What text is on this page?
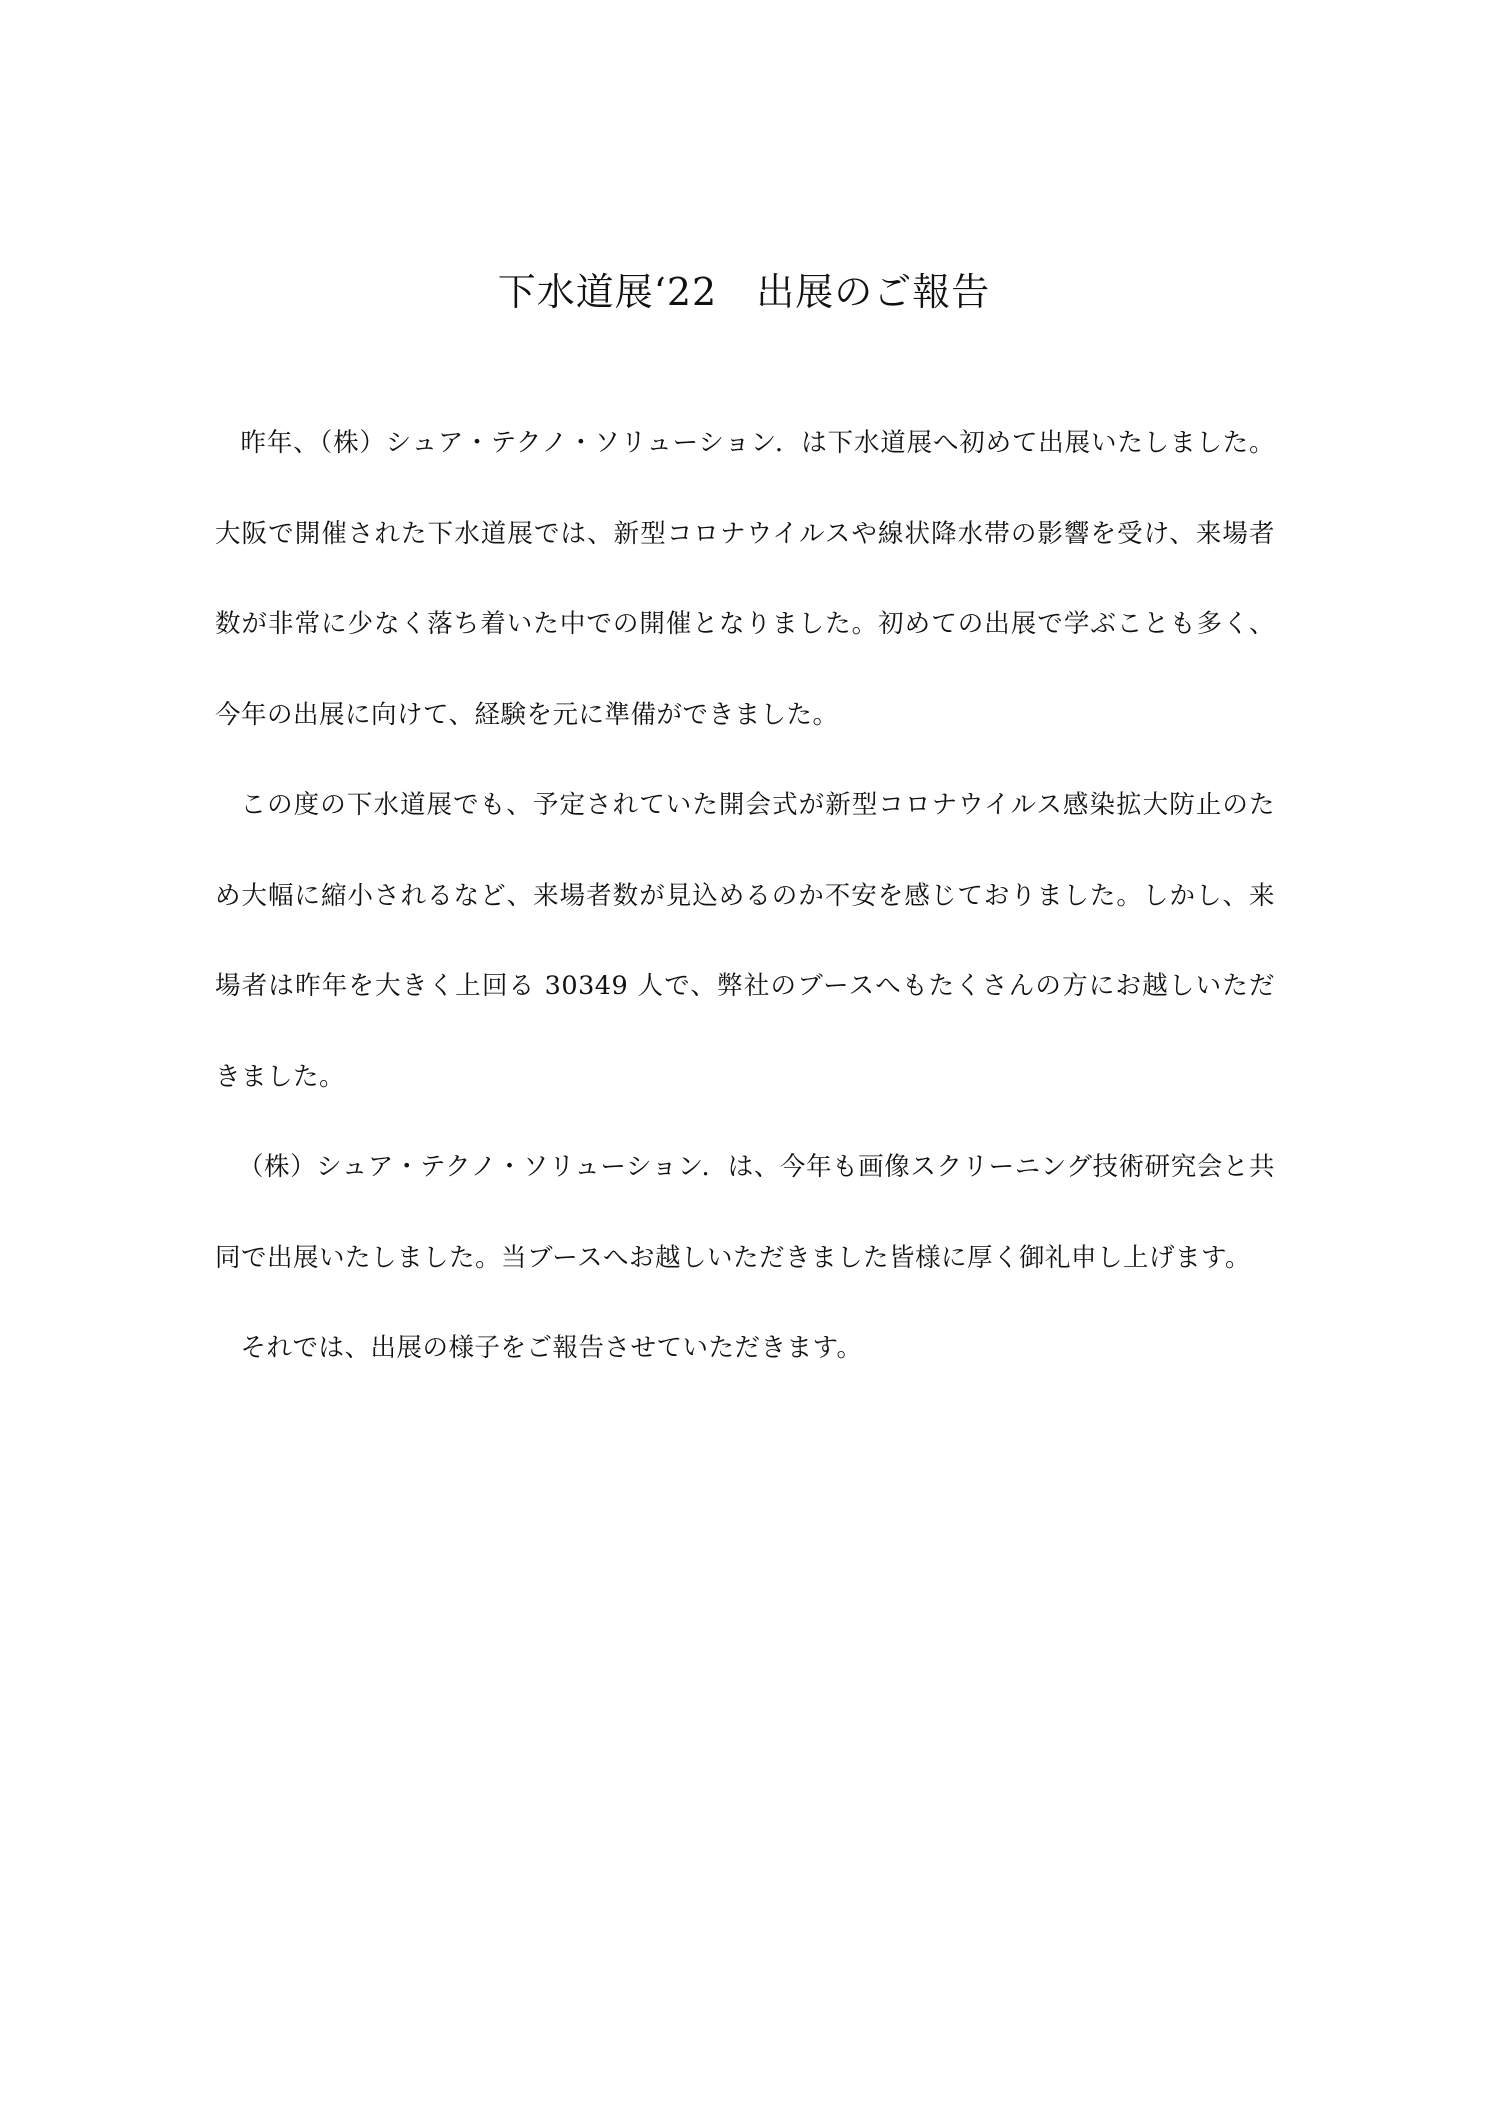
下水道展‘22　出展のご報告

昨年、（株）シュア・テクノ・ソリューション．は下水道展へ初めて出展いたしました。大阪で開催された下水道展では、新型コロナウイルスや線状降水帯の影響を受け、来場者数が非常に少なく落ち着いた中での開催となりました。初めての出展で学ぶことも多く、今年の出展に向けて、経験を元に準備ができました。

この度の下水道展でも、予定されていた開会式が新型コロナウイルス感染拡大防止のため大幅に縮小されるなど、来場者数が見込めるのか不安を感じておりました。しかし、来場者は昨年を大きく上回る 30349 人で、弊社のブースへもたくさんの方にお越しいただきました。

（株）シュア・テクノ・ソリューション．は、今年も画像スクリーニング技術研究会と共同で出展いたしました。当ブースへお越しいただきました皆様に厚く御礼申し上げます。

それでは、出展の様子をご報告させていただきます。
